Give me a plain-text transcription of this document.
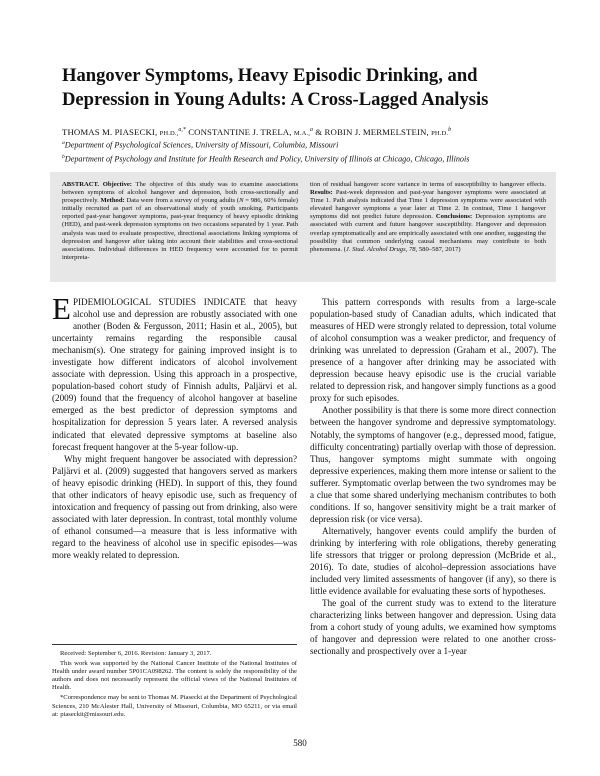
Hangover Symptoms, Heavy Episodic Drinking, and
Depression in Young Adults: A Cross-Lagged Analysis
THOMAS M. PIASECKI, PH.D.,$^{a,*}$ CONSTANTINE J. TRELA, M.A.,$^a$ & ROBIN J. MERMELSTEIN, PH.D.$^b$
$^a$Department of Psychological Sciences, University of Missouri, Columbia, Missouri
$^b$Department of Psychology and Institute for Health Research and Policy, University of Illinois at Chicago, Chicago, Illinois

ABSTRACT. Objective: The objective of this study was to examine associations between symptoms of alcohol hangover and depression, both cross-sectionally and prospectively. Method: Data were from a survey of young adults (N = 986, 60% female) initially recruited as part of an observational study of youth smoking. Participants reported past-year hangover symptoms, past-year frequency of heavy episodic drinking (HED), and past-week depression symptoms on two occasions separated by 1 year. Path analysis was used to evaluate prospective, directional associations linking symptoms of depression and hangover after taking into account their stabilities and cross-sectional associations. Individual differences in HED frequency were accounted for to permit interpreta-

tion of residual hangover score variance in terms of susceptibility to hangover effects. Results: Past-week depression and past-year hangover symptoms were associated at Time 1. Path analysis indicated that Time 1 depression symptoms were associated with elevated hangover symptoms a year later at Time 2. In contrast, Time 1 hangover symptoms did not predict future depression. Conclusions: Depression symptoms are associated with current and future hangover susceptibility. Hangover and depression overlap symptomatically and are empirically associated with one another, suggesting the possibility that common underlying causal mechanisms may contribute to both phenomena. (J. Stud. Alcohol Drugs, 78, 580–587, 2017)

EPIDEMIOLOGICAL STUDIES INDICATE that heavy alcohol use and depression are robustly associated with one another (Boden & Fergusson, 2011; Hasin et al., 2005), but uncertainty remains regarding the responsible causal mechanism(s). One strategy for gaining improved insight is to investigate how different indicators of alcohol involvement associate with depression. Using this approach in a prospective, population-based cohort study of Finnish adults, Paljärvi et al. (2009) found that the frequency of alcohol hangover at baseline emerged as the best predictor of depression symptoms and hospitalization for depression 5 years later. A reversed analysis indicated that elevated depressive symptoms at baseline also forecast frequent hangover at the 5-year follow-up.

Why might frequent hangover be associated with depression? Paljärvi et al. (2009) suggested that hangovers served as markers of heavy episodic drinking (HED). In support of this, they found that other indicators of heavy episodic use, such as frequency of intoxication and frequency of passing out from drinking, also were associated with later depression. In contrast, total monthly volume of ethanol consumed—a measure that is less informative with regard to the heaviness of alcohol use in specific episodes—was more weakly related to depression.

This pattern corresponds with results from a large-scale population-based study of Canadian adults, which indicated that measures of HED were strongly related to depression, total volume of alcohol consumption was a weaker predictor, and frequency of drinking was unrelated to depression (Graham et al., 2007). The presence of a hangover after drinking may be associated with depression because heavy episodic use is the crucial variable related to depression risk, and hangover simply functions as a good proxy for such episodes.

Another possibility is that there is some more direct connection between the hangover syndrome and depressive symptomatology. Notably, the symptoms of hangover (e.g., depressed mood, fatigue, difficulty concentrating) partially overlap with those of depression. Thus, hangover symptoms might summate with ongoing depressive experiences, making them more intense or salient to the sufferer. Symptomatic overlap between the two syndromes may be a clue that some shared underlying mechanism contributes to both conditions. If so, hangover sensitivity might be a trait marker of depression risk (or vice versa).

Alternatively, hangover events could amplify the burden of drinking by interfering with role obligations, thereby generating life stressors that trigger or prolong depression (McBride et al., 2016). To date, studies of alcohol–depression associations have included very limited assessments of hangover (if any), so there is little evidence available for evaluating these sorts of hypotheses.

The goal of the current study was to extend to the literature characterizing links between hangover and depression. Using data from a cohort study of young adults, we examined how symptoms of hangover and depression were related to one another cross-sectionally and prospectively over a 1-year

Received: September 6, 2016. Revision: January 3, 2017.

This work was supported by the National Cancer Institute of the National Institutes of Health under award number 5P01CA098262. The content is solely the responsibility of the authors and does not necessarily represent the official views of the National Institutes of Health.

*Correspondence may be sent to Thomas M. Piasecki at the Department of Psychological Sciences, 210 McAlester Hall, University of Missouri, Columbia, MO 65211, or via email at: piaseckit@missouri.edu.

580
